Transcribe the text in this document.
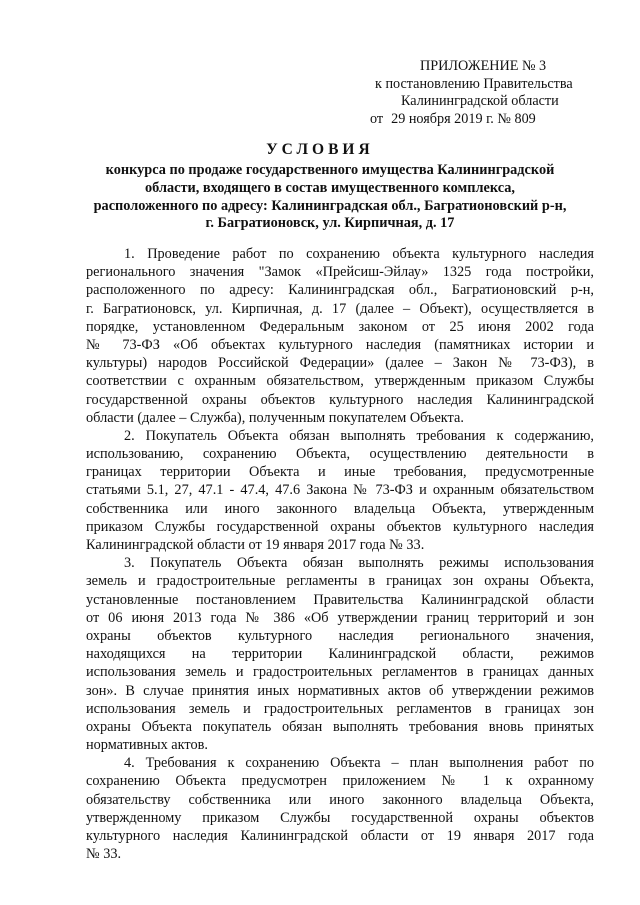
ПРИЛОЖЕНИЕ № 3
к постановлению Правительства
Калининградской области
от 29 ноября 2019 г. № 809
УСЛОВИЯ
конкурса по продаже государственного имущества Калининградской
области, входящего в состав имущественного комплекса,
расположенного по адресу: Калининградская обл., Багратионовский р-н,
г. Багратионовск, ул. Кирпичная, д. 17
1. Проведение работ по сохранению объекта культурного наследия
регионального значения "Замок «Прейсиш-Эйлау» 1325 года постройки,
расположенного по адресу: Калининградская обл., Багратионовский р-н,
г. Багратионовск, ул. Кирпичная, д. 17 (далее – Объект), осуществляется в
порядке, установленном Федеральным законом от 25 июня 2002 года
№ 73-ФЗ «Об объектах культурного наследия (памятниках истории и
культуры) народов Российской Федерации» (далее – Закон № 73-ФЗ), в
соответствии с охранным обязательством, утвержденным приказом Службы
государственной охраны объектов культурного наследия Калининградской
области (далее – Служба), полученным покупателем Объекта.
2. Покупатель Объекта обязан выполнять требования к содержанию,
использованию, сохранению Объекта, осуществлению деятельности в
границах территории Объекта и иные требования, предусмотренные
статьями 5.1, 27, 47.1 - 47.4, 47.6 Закона № 73-ФЗ и охранным обязательством
собственника или иного законного владельца Объекта, утвержденным
приказом Службы государственной охраны объектов культурного наследия
Калининградской области от 19 января 2017 года № 33.
3. Покупатель Объекта обязан выполнять режимы использования
земель и градостроительные регламенты в границах зон охраны Объекта,
установленные постановлением Правительства Калининградской области
от 06 июня 2013 года № 386 «Об утверждении границ территорий и зон
охраны объектов культурного наследия регионального значения,
находящихся на территории Калининградской области, режимов
использования земель и градостроительных регламентов в границах данных
зон». В случае принятия иных нормативных актов об утверждении режимов
использования земель и градостроительных регламентов в границах зон
охраны Объекта покупатель обязан выполнять требования вновь принятых
нормативных актов.
4. Требования к сохранению Объекта – план выполнения работ по
сохранению Объекта предусмотрен приложением № 1 к охранному
обязательству собственника или иного законного владельца Объекта,
утвержденному приказом Службы государственной охраны объектов
культурного наследия Калининградской области от 19 января 2017 года
№ 33.
